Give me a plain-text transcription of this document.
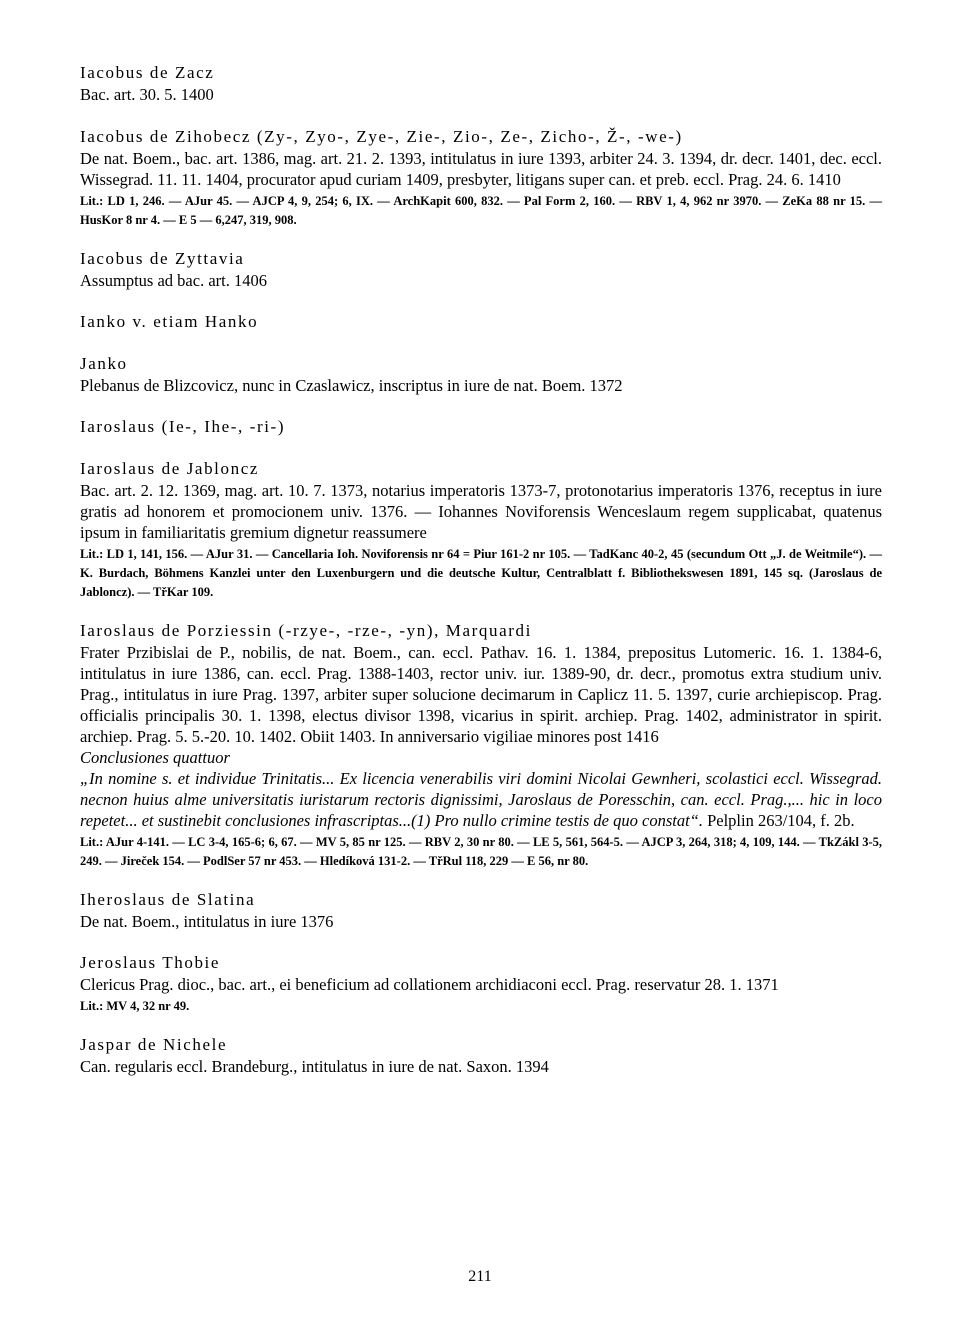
Iacobus de Zacz
Bac. art. 30. 5. 1400
Iacobus de Zihobecz (Zy-, Zyo-, Zye-, Zie-, Zio-, Ze-, Zicho-, Ž-, -we-)
De nat. Boem., bac. art. 1386, mag. art. 21. 2. 1393, intitulatus in iure 1393, arbiter 24. 3. 1394, dr. decr. 1401, dec. eccl. Wissegrad. 11. 11. 1404, procurator apud curiam 1409, presbyter, litigans super can. et preb. eccl. Prag. 24. 6. 1410
Lit.: LD 1, 246. — AJur 45. — AJCP 4, 9, 254; 6, IX. — ArchKapit 600, 832. — Pal Form 2, 160. — RBV 1, 4, 962 nr 3970. — ZeKa 88 nr 15. — HusKor 8 nr 4. — E 5 — 6,247, 319, 908.
Iacobus de Zyttavia
Assumptus ad bac. art. 1406
Ianko v. etiam Hanko
Janko
Plebanus de Blizcovicz, nunc in Czaslawicz, inscriptus in iure de nat. Boem. 1372
Iaroslaus (Ie-, Ihe-, -ri-)
Iaroslaus de Jabloncz
Bac. art. 2. 12. 1369, mag. art. 10. 7. 1373, notarius imperatoris 1373-7, protonotarius imperatoris 1376, receptus in iure gratis ad honorem et promocionem univ. 1376. — Iohannes Noviforensis Wenceslaum regem supplicabat, quatenus ipsum in familiaritatis gremium dignetur reassumere
Lit.: LD 1, 141, 156. — AJur 31. — Cancellaria Ioh. Noviforensis nr 64 = Piur 161-2 nr 105. — TadKanc 40-2, 45 (secundum Ott „J. de Weitmile“). — K. Burdach, Böhmens Kanzlei unter den Luxenburgern und die deutsche Kultur, Centralblatt f. Bibliothekswesen 1891, 145 sq. (Jaroslaus de Jabloncz). — TřKar 109.
Iaroslaus de Porziessin (-rzye-, -rze-, -yn), Marquardi
Frater Przibislai de P., nobilis, de nat. Boem., can. eccl. Pathav. 16. 1. 1384, prepositus Lutomeric. 16. 1. 1384-6, intitulatus in iure 1386, can. eccl. Prag. 1388-1403, rector univ. iur. 1389-90, dr. decr., promotus extra studium univ. Prag., intitulatus in iure Prag. 1397, arbiter super solucione decimarum in Caplicz 11. 5. 1397, curie archiepiscop. Prag. officialis principalis 30. 1. 1398, electus divisor 1398, vicarius in spirit. archiep. Prag. 1402, administrator in spirit. archiep. Prag. 5. 5.-20. 10. 1402. Obiit 1403. In anniversario vigiliae minores post 1416
Conclusiones quattuor
„In nomine s. et individue Trinitatis... Ex licencia venerabilis viri domini Nicolai Gewnheri, scolastici eccl. Wissegrad. necnon huius alme universitatis iuristarum rectoris dignissimi, Jaroslaus de Poresschin, can. eccl. Prag.,... hic in loco repetet... et sustinebit conclusiones infrascriptas...(1) Pro nullo crimine testis de quo constat“. Pelplin 263/104, f. 2b.
Lit.: AJur 4-141. — LC 3-4, 165-6; 6, 67. — MV 5, 85 nr 125. — RBV 2, 30 nr 80. — LE 5, 561, 564-5. — AJCP 3, 264, 318; 4, 109, 144. — TkZákl 3-5, 249. — Jireček 154. — PodlSer 57 nr 453. — Hledíková 131-2. — TřRul 118, 229 — E 56, nr 80.
Iheroslaus de Slatina
De nat. Boem., intitulatus in iure 1376
Jeroslaus Thobie
Clericus Prag. dioc., bac. art., ei beneficium ad collationem archidiaconi eccl. Prag. reservatur 28. 1. 1371
Lit.: MV 4, 32 nr 49.
Jaspar de Nichele
Can. regularis eccl. Brandeburg., intitulatus in iure de nat. Saxon. 1394
211
